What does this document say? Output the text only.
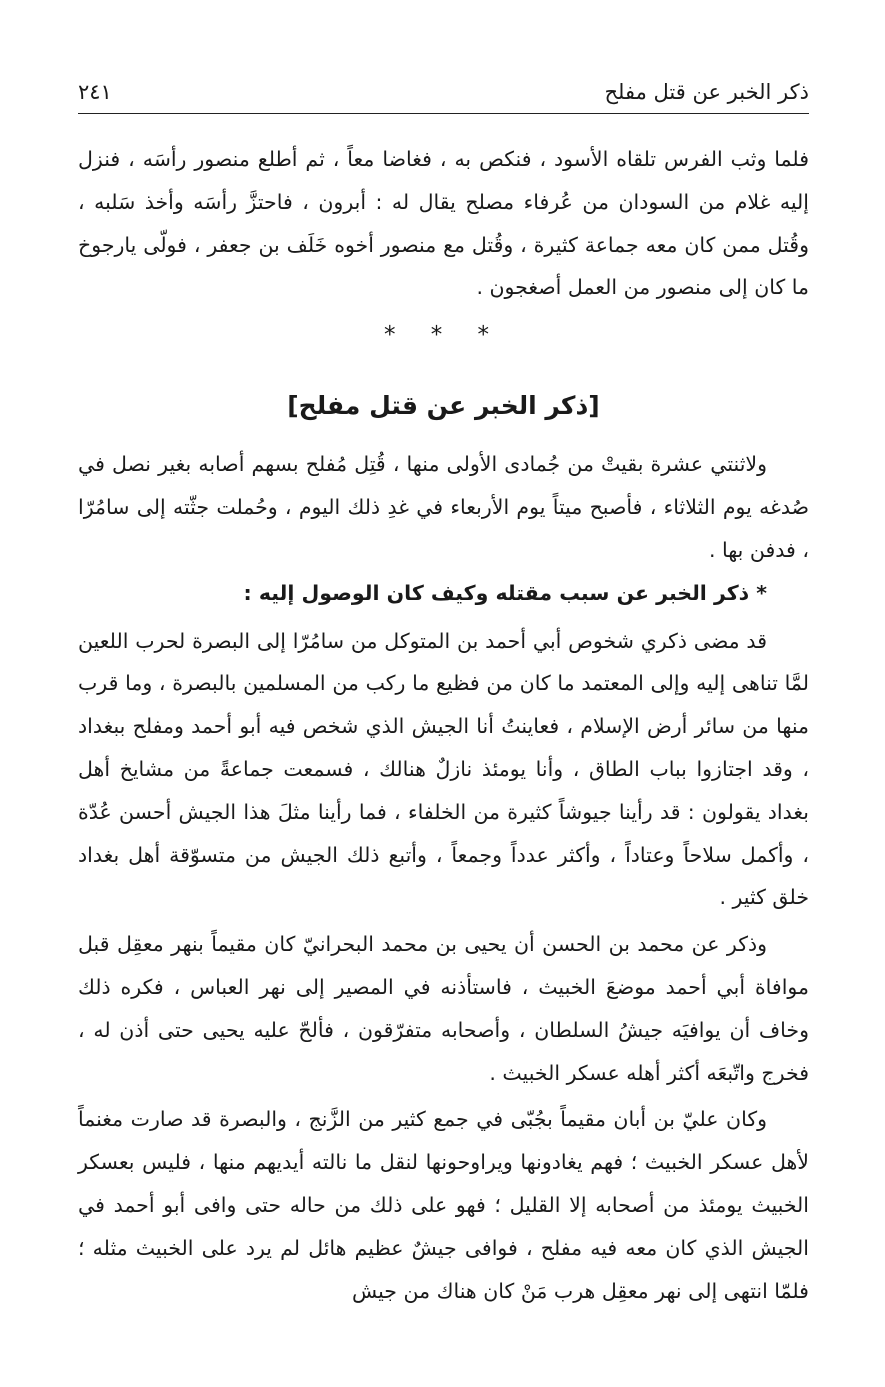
ذكر الخبر عن قتل مفلح
٢٤١

فلما وثب الفرس تلقاه الأسود ، فنكص به ، فغاضا معاً ، ثم أطلع منصور رأسَه ، فنزل إليه غلام من السودان من عُرفاء مصلح يقال له : أبرون ، فاحتزَّ رأسَه وأخذ سَلبه ، وقُتل ممن كان معه جماعة كثيرة ، وقُتل مع منصور أخوه خَلَف بن جعفر ، فولّى يارجوخ ما كان إلى منصور من العمل أصغجون .

* * *
[ذكر الخبر عن قتل مفلح]

ولاثنتي عشرة بقيتْ من جُمادى الأولى منها ، قُتِل مُفلح بسهم أصابه بغير نصل في صُدغه يوم الثلاثاء ، فأصبح ميتاً يوم الأربعاء في غدِ ذلك اليوم ، وحُملت جثّته إلى سامُرّا ، فدفن بها .

* ذكر الخبر عن سبب مقتله وكيف كان الوصول إليه :

قد مضى ذكري شخوص أبي أحمد بن المتوكل من سامُرّا إلى البصرة لحرب اللعين لمَّا تناهى إليه وإلى المعتمد ما كان من فظيع ما ركب من المسلمين بالبصرة ، وما قرب منها من سائر أرض الإسلام ، فعاينتُ أنا الجيش الذي شخص فيه أبو أحمد ومفلح ببغداد ، وقد اجتازوا بباب الطاق ، وأنا يومئذ نازلٌ هنالك ، فسمعت جماعةً من مشايخ أهل بغداد يقولون : قد رأينا جيوشاً كثيرة من الخلفاء ، فما رأينا مثلَ هذا الجيش أحسن عُدّة ، وأكمل سلاحاً وعتاداً ، وأكثر عدداً وجمعاً ، وأتبع ذلك الجيش من متسوّقة أهل بغداد خلق كثير .

وذكر عن محمد بن الحسن أن يحيى بن محمد البحرانيّ كان مقيماً بنهر معقِل قبل موافاة أبي أحمد موضعَ الخبيث ، فاستأذنه في المصير إلى نهر العباس ، فكره ذلك وخاف أن يوافيَه جيشُ السلطان ، وأصحابه متفرّقون ، فألحّ عليه يحيى حتى أذن له ، فخرج واتّبعَه أكثر أهله عسكر الخبيث .

وكان عليّ بن أبان مقيماً بجُبّى في جمع كثير من الزَّنج ، والبصرة قد صارت مغنماً لأهل عسكر الخبيث ؛ فهم يغادونها ويراوحونها لنقل ما نالته أيديهم منها ، فليس بعسكر الخبيث يومئذ من أصحابه إلا القليل ؛ فهو على ذلك من حاله حتى وافى أبو أحمد في الجيش الذي كان معه فيه مفلح ، فوافى جيشٌ عظيم هائل لم يرد على الخبيث مثله ؛ فلمّا انتهى إلى نهر معقِل هرب مَنْ كان هناك من جيش
